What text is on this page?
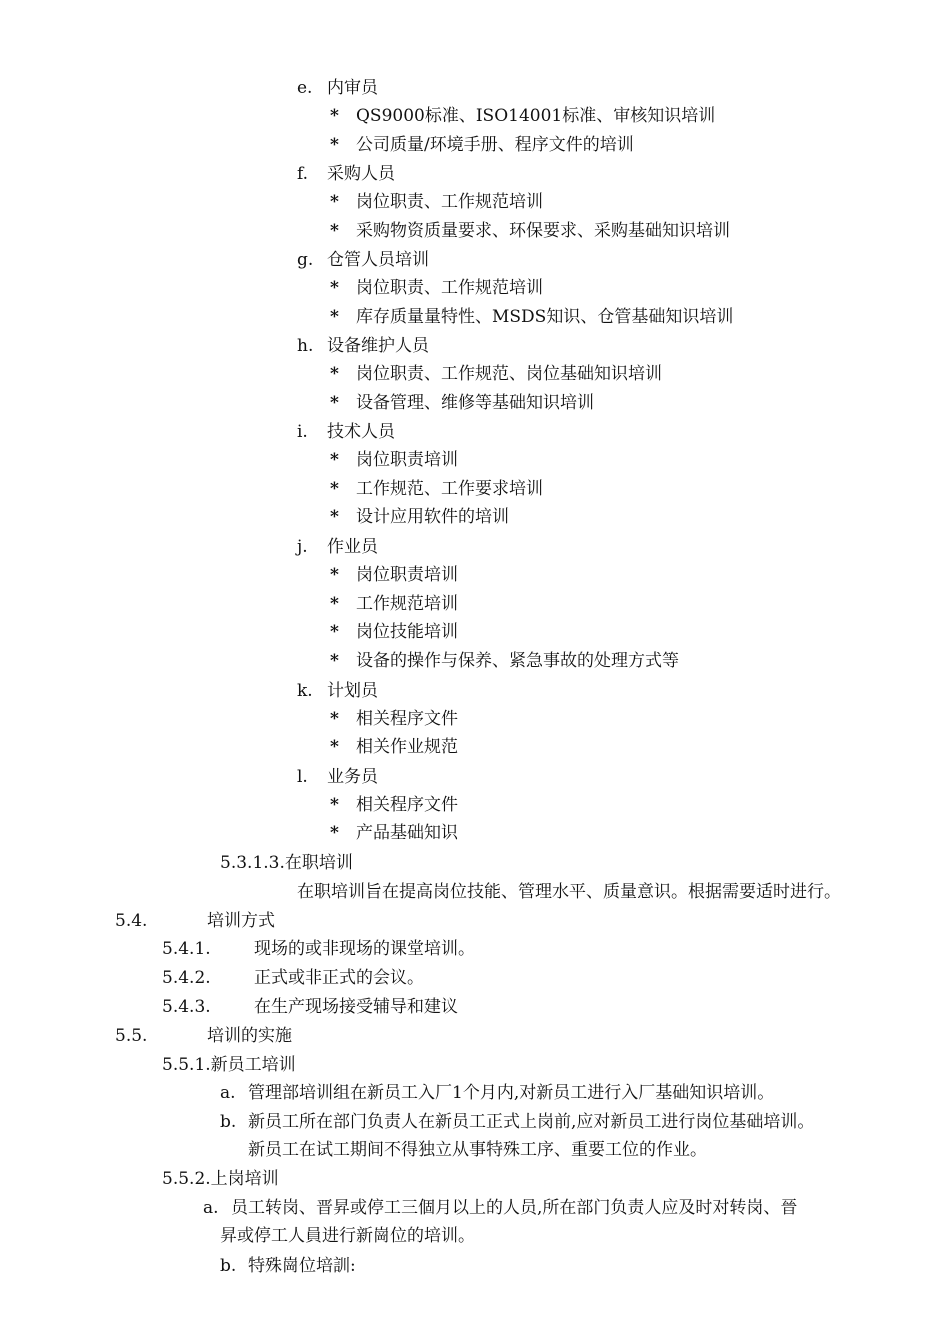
e. 内审员
* QS9000标准、ISO14001标准、审核知识培训
* 公司质量/环境手册、程序文件的培训
f. 采购人员
* 岗位职责、工作规范培训
* 采购物资质量要求、环保要求、采购基础知识培训
g. 仓管人员培训
* 岗位职责、工作规范培训
* 库存质量量特性、MSDS知识、仓管基础知识培训
h. 设备维护人员
* 岗位职责、工作规范、岗位基础知识培训
* 设备管理、维修等基础知识培训
i. 技术人员
* 岗位职责培训
* 工作规范、工作要求培训
* 设计应用软件的培训
j. 作业员
* 岗位职责培训
* 工作规范培训
* 岗位技能培训
* 设备的操作与保养、紧急事故的处理方式等
k. 计划员
* 相关程序文件
* 相关作业规范
l. 业务员
* 相关程序文件
* 产品基础知识
5.3.1.3.在职培训
在职培训旨在提高岗位技能、管理水平、质量意识。根据需要适时进行。
5.4.	培训方式
5.4.1.	现场的或非现场的课堂培训。
5.4.2.	正式或非正式的会议。
5.4.3.	在生产现场接受辅导和建议
5.5.	培训的实施
5.5.1.新员工培训
a. 管理部培训组在新员工入厂1个月内,对新员工进行入厂基础知识培训。
b. 新员工所在部门负责人在新员工正式上岗前,应对新员工进行岗位基础培训。
新员工在试工期间不得独立从事特殊工序、重要工位的作业。
5.5.2.上岗培训
a. 员工转岗、晋昇或停工三個月以上的人员,所在部门负责人应及时对转岗、晉
昇或停工人員进行新崗位的培训。
b. 特殊崗位培訓:
